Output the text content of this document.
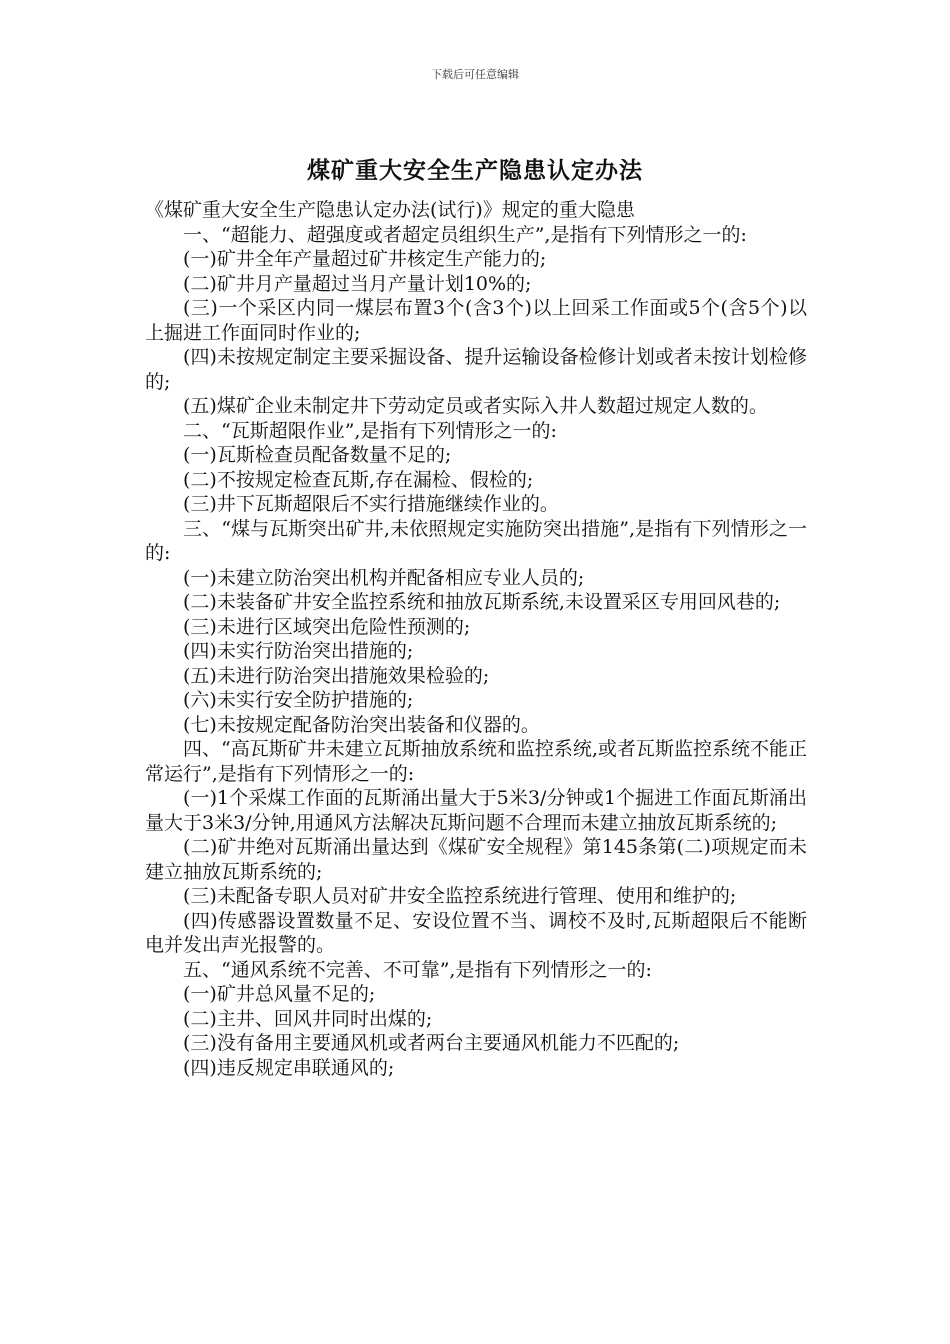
下载后可任意编辑
煤矿重大安全生产隐患认定办法

《煤矿重大安全生产隐患认定办法(试行)》规定的重大隐患

一、“超能力、超强度或者超定员组织生产”,是指有下列情形之一的:

(一)矿井全年产量超过矿井核定生产能力的;

(二)矿井月产量超过当月产量计划10%的;

(三)一个采区内同一煤层布置3个(含3个)以上回采工作面或5个(含5个)以上掘进工作面同时作业的;

(四)未按规定制定主要采掘设备、提升运输设备检修计划或者未按计划检修的;

(五)煤矿企业未制定井下劳动定员或者实际入井人数超过规定人数的。

二、“瓦斯超限作业”,是指有下列情形之一的:

(一)瓦斯检查员配备数量不足的;

(二)不按规定检查瓦斯,存在漏检、假检的;

(三)井下瓦斯超限后不实行措施继续作业的。

三、“煤与瓦斯突出矿井,未依照规定实施防突出措施”,是指有下列情形之一的:

(一)未建立防治突出机构并配备相应专业人员的;

(二)未装备矿井安全监控系统和抽放瓦斯系统,未设置采区专用回风巷的;

(三)未进行区域突出危险性预测的;

(四)未实行防治突出措施的;

(五)未进行防治突出措施效果检验的;

(六)未实行安全防护措施的;

(七)未按规定配备防治突出装备和仪器的。

四、“高瓦斯矿井未建立瓦斯抽放系统和监控系统,或者瓦斯监控系统不能正常运行”,是指有下列情形之一的:

(一)1个采煤工作面的瓦斯涌出量大于5米3/分钟或1个掘进工作面瓦斯涌出量大于3米3/分钟,用通风方法解决瓦斯问题不合理而未建立抽放瓦斯系统的;

(二)矿井绝对瓦斯涌出量达到《煤矿安全规程》第145条第(二)项规定而未建立抽放瓦斯系统的;

(三)未配备专职人员对矿井安全监控系统进行管理、使用和维护的;

(四)传感器设置数量不足、安设位置不当、调校不及时,瓦斯超限后不能断电并发出声光报警的。

五、“通风系统不完善、不可靠”,是指有下列情形之一的:

(一)矿井总风量不足的;

(二)主井、回风井同时出煤的;

(三)没有备用主要通风机或者两台主要通风机能力不匹配的;

(四)违反规定串联通风的;
